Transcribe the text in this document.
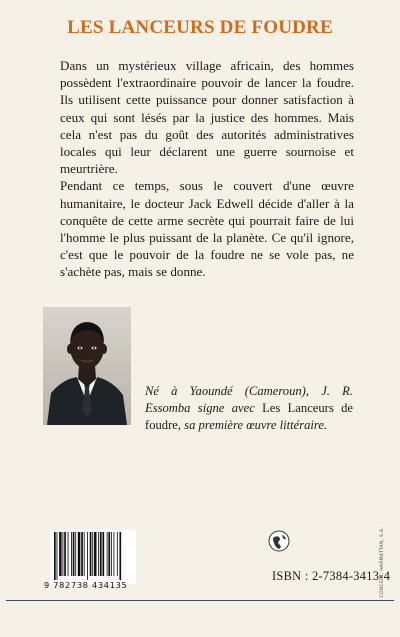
LES LANCEURS DE FOUDRE

Dans un mystérieux village africain, des hommes possèdent l'extraordinaire pouvoir de lancer la foudre. Ils utilisent cette puissance pour donner satisfaction à ceux qui sont lésés par la justice des hommes. Mais cela n'est pas du goût des autorités administratives locales qui leur déclarent une guerre sournoise et meurtrière.

Pendant ce temps, sous le couvert d'une œuvre humanitaire, le docteur Jack Edwell décide d'aller à la conquête de cette arme secrète qui pourrait faire de lui l'homme le plus puissant de la planète. Ce qu'il ignore, c'est que le pouvoir de la foudre ne se vole pas, ne s'achète pas, mais se donne.

Né à Yaoundé (Cameroun), J. R. Essomba signe avec Les Lanceurs de foudre, sa première œuvre littéraire.
CONCEPT: HARMATTAN, S.A.
9 782738 434135
ISBN : 2-7384-3413-4
